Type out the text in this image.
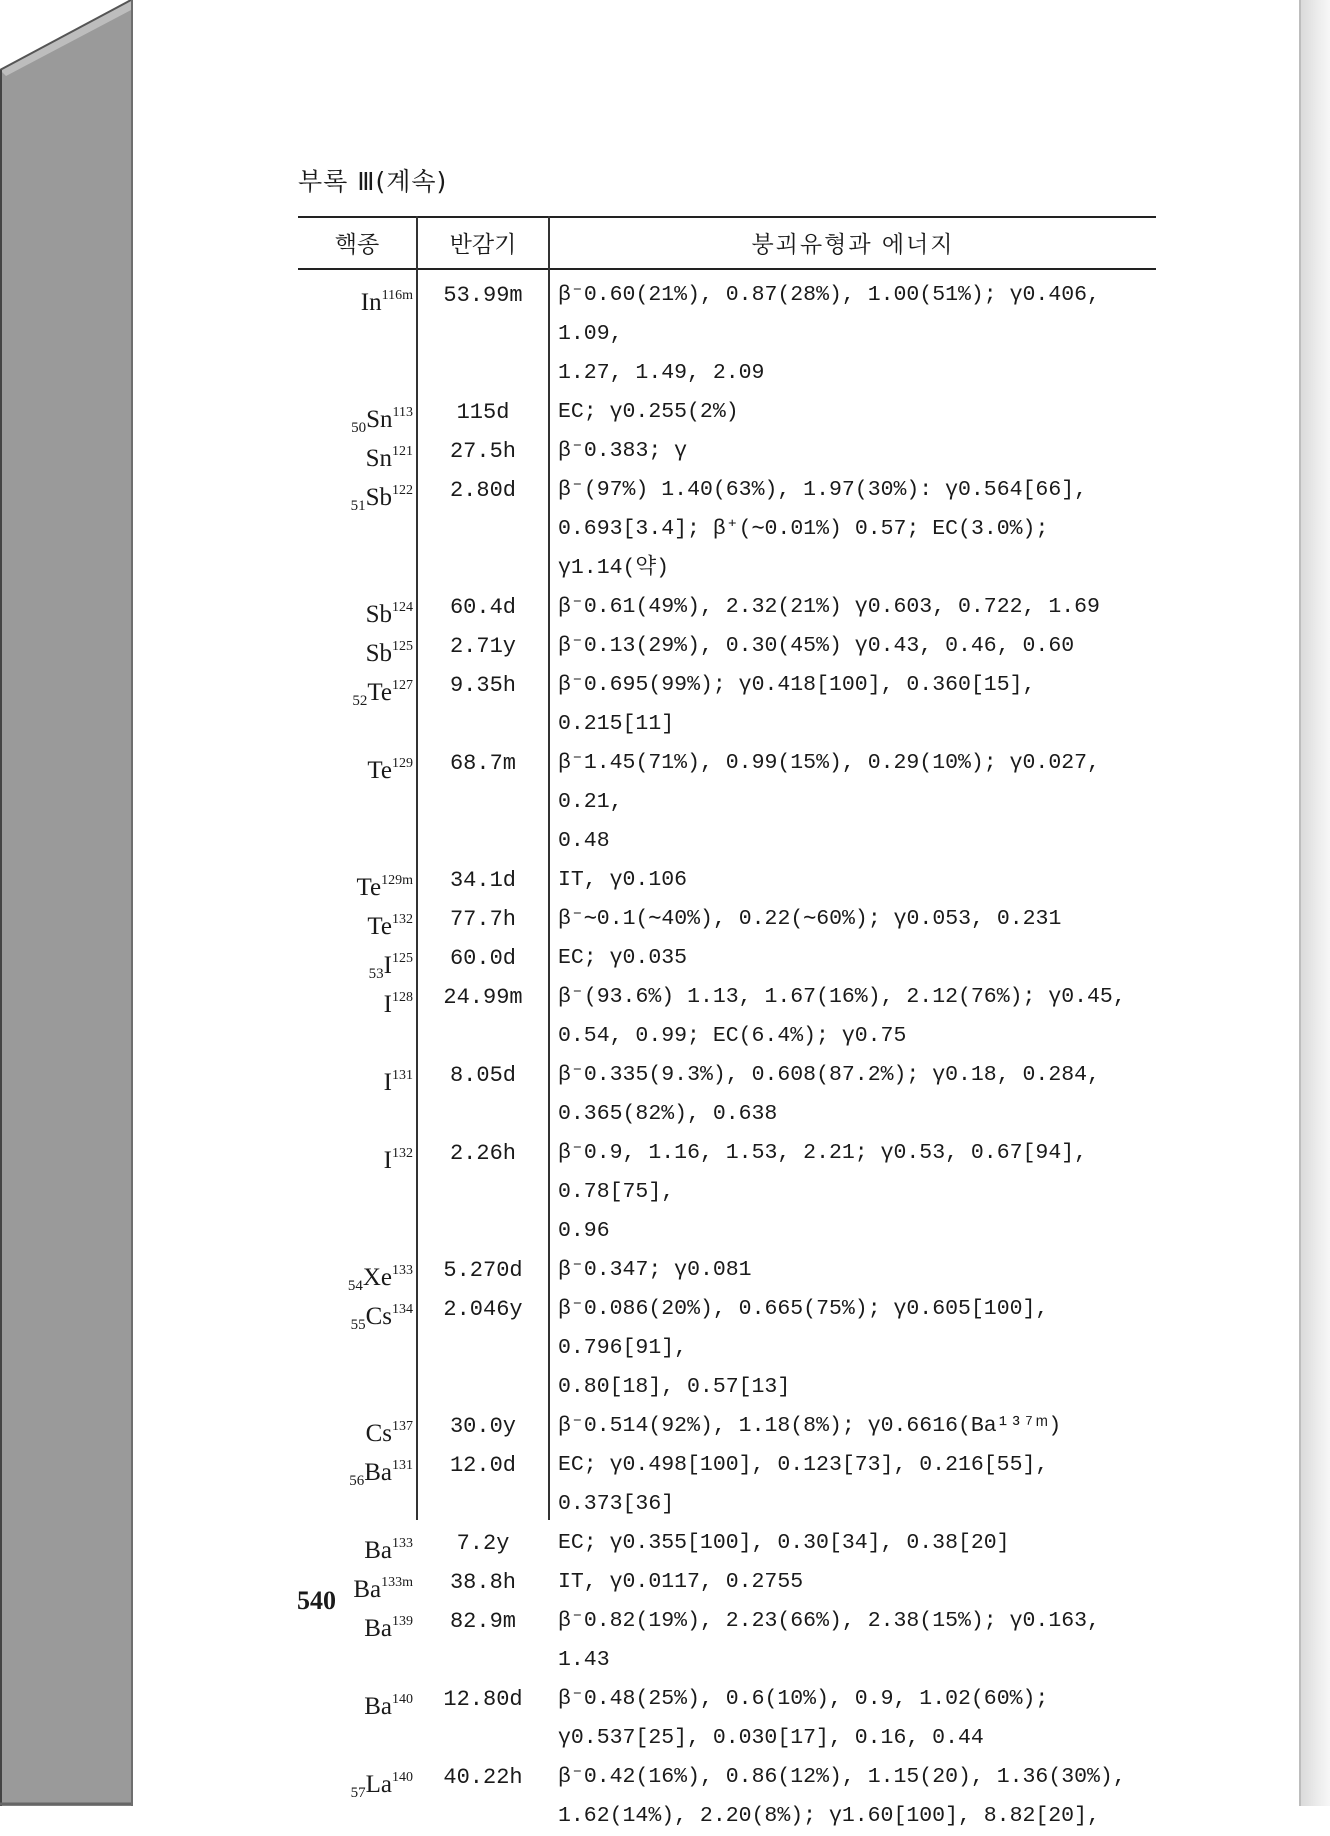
부록 Ⅲ(계속)
핵종	반감기	붕괴유형과 에너지
$In^{116m}$	53.99m	β⁻0.60(21%), 0.87(28%), 1.00(51%); γ0.406, 1.09,
1.27, 1.49, 2.09
$_{50}Sn^{113}$	115d	EC; γ0.255(2%)
Sn$^{121}$	27.5h	β⁻0.383; γ
$_{51}Sb^{122}$	2.80d	β⁻(97%) 1.40(63%), 1.97(30%): γ0.564[66],
0.693[3.4]; β⁺(∼0.01%) 0.57; EC(3.0%); γ1.14(약)
Sb$^{124}$	60.4d	β⁻0.61(49%), 2.32(21%) γ0.603, 0.722, 1.69
Sb$^{125}$	2.71y	β⁻0.13(29%), 0.30(45%) γ0.43, 0.46, 0.60
$_{52}Te^{127}$	9.35h	β⁻0.695(99%); γ0.418[100], 0.360[15], 0.215[11]
Te$^{129}$	68.7m	β⁻1.45(71%), 0.99(15%), 0.29(10%); γ0.027, 0.21,
0.48
$Te^{129m}$	34.1d	IT, γ0.106
Te$^{132}$	77.7h	β⁻∼0.1(∼40%), 0.22(∼60%); γ0.053, 0.231
$_{53}I^{125}$	60.0d	EC; γ0.035
$I^{128}$	24.99m	β⁻(93.6%) 1.13, 1.67(16%), 2.12(76%); γ0.45,
0.54, 0.99; EC(6.4%); γ0.75
$I^{131}$	8.05d	β⁻0.335(9.3%), 0.608(87.2%); γ0.18, 0.284,
0.365(82%), 0.638
$I^{132}$	2.26h	β⁻0.9, 1.16, 1.53, 2.21; γ0.53, 0.67[94], 0.78[75],
0.96
$_{54}Xe^{133}$	5.270d	β⁻0.347; γ0.081
$_{55}Cs^{134}$	2.046y	β⁻0.086(20%), 0.665(75%); γ0.605[100], 0.796[91],
0.80[18], 0.57[13]
Cs$^{137}$	30.0y	β⁻0.514(92%), 1.18(8%); γ0.6616(Ba¹³⁷ᵐ)
$_{56}Ba^{131}$	12.0d	EC; γ0.498[100], 0.123[73], 0.216[55], 0.373[36]
Ba$^{133}$	7.2y	EC; γ0.355[100], 0.30[34], 0.38[20]
$Ba^{133m}$	38.8h	IT, γ0.0117, 0.2755
Ba$^{139}$	82.9m	β⁻0.82(19%), 2.23(66%), 2.38(15%); γ0.163, 1.43
Ba$^{140}$	12.80d	β⁻0.48(25%), 0.6(10%), 0.9, 1.02(60%);
γ0.537[25], 0.030[17], 0.16, 0.44
$_{57}La^{140}$	40.22h	β⁻0.42(16%), 0.86(12%), 1.15(20), 1.36(30%),
1.62(14%), 2.20(8%); γ1.60[100], 8.82[20],
540
